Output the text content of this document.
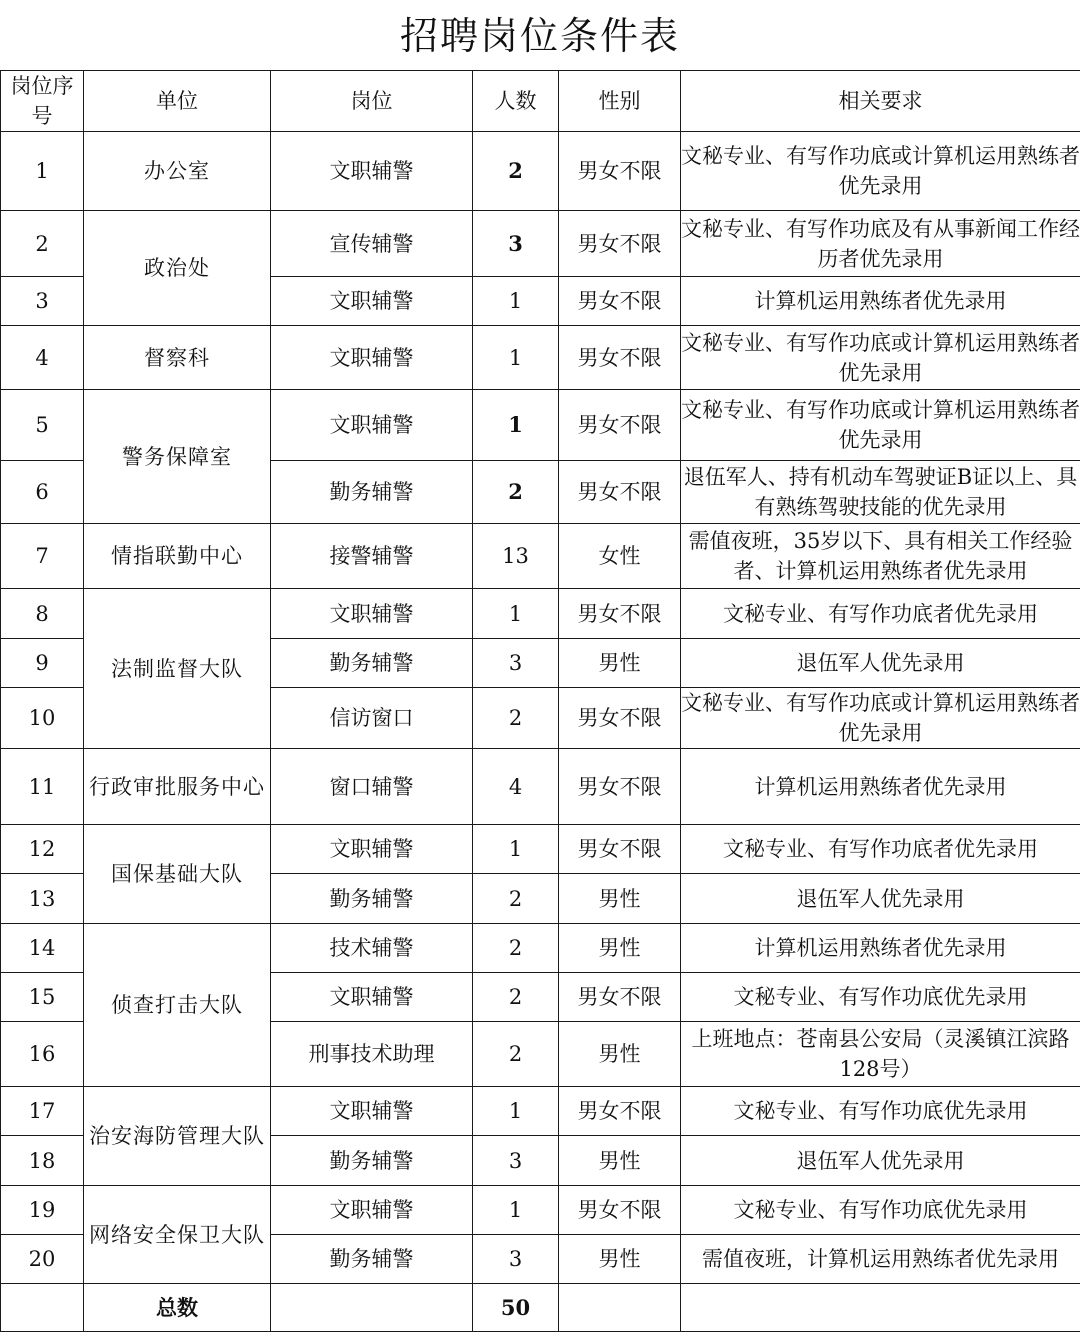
招聘岗位条件表
岗位序号	单位	岗位	人数	性别	相关要求
1	办公室	文职辅警	2	男女不限	文秘专业、有写作功底或计算机运用熟练者优先录用
2	政治处	宣传辅警	3	男女不限	文秘专业、有写作功底及有从事新闻工作经历者优先录用
3		文职辅警	1	男女不限	计算机运用熟练者优先录用
4	督察科	文职辅警	1	男女不限	文秘专业、有写作功底或计算机运用熟练者优先录用
5	警务保障室	文职辅警	1	男女不限	文秘专业、有写作功底或计算机运用熟练者优先录用
6		勤务辅警	2	男女不限	退伍军人、持有机动车驾驶证B证以上、具有熟练驾驶技能的优先录用
7	情指联勤中心	接警辅警	13	女性	需值夜班，35岁以下、具有相关工作经验者、计算机运用熟练者优先录用
8	法制监督大队	文职辅警	1	男女不限	文秘专业、有写作功底者优先录用
9		勤务辅警	3	男性	退伍军人优先录用
10		信访窗口	2	男女不限	文秘专业、有写作功底或计算机运用熟练者优先录用
11	行政审批服务中心	窗口辅警	4	男女不限	计算机运用熟练者优先录用
12	国保基础大队	文职辅警	1	男女不限	文秘专业、有写作功底者优先录用
13		勤务辅警	2	男性	退伍军人优先录用
14	侦查打击大队	技术辅警	2	男性	计算机运用熟练者优先录用
15		文职辅警	2	男女不限	文秘专业、有写作功底优先录用
16		刑事技术助理	2	男性	上班地点：苍南县公安局（灵溪镇江滨路128号）
17	治安海防管理大队	文职辅警	1	男女不限	文秘专业、有写作功底优先录用
18		勤务辅警	3	男性	退伍军人优先录用
19	网络安全保卫大队	文职辅警	1	男女不限	文秘专业、有写作功底优先录用
20		勤务辅警	3	男性	需值夜班，计算机运用熟练者优先录用
	总数		50		
